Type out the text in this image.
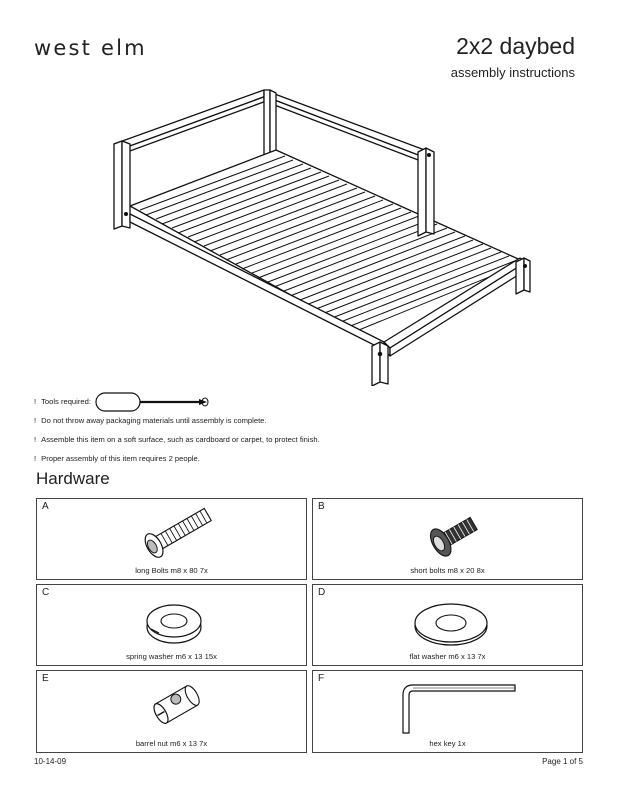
west elm	2x2 daybed
assembly instructions
! Tools required:
! Do not throw away packaging materials until assembly is complete.
! Assemble this item on a soft surface, such as cardboard or carpet, to protect finish.
! Proper assembly of this item requires 2 people.
Hardware
A
long Bolts m8 x 80 7x
B
short bolts m8 x 20 8x
C
spring washer m6 x 13 15x
D
flat washer m6 x 13 7x
E
barrel nut m6 x 13 7x
F
hex key 1x
10-14-09	Page 1 of 5
